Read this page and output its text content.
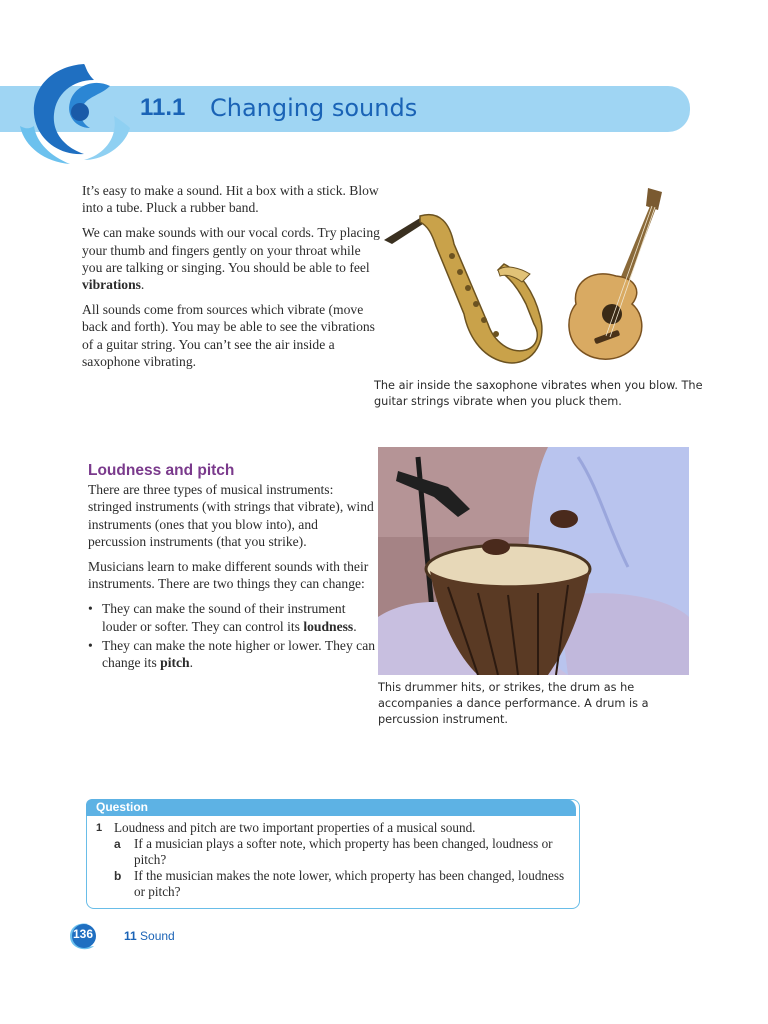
11.1 Changing sounds

It’s easy to make a sound. Hit a box with a stick. Blow into a tube. Pluck a rubber band.

We can make sounds with our vocal cords. Try placing your thumb and fingers gently on your throat while you are talking or singing. You should be able to feel vibrations.

All sounds come from sources which vibrate (move back and forth). You may be able to see the vibrations of a guitar string. You can’t see the air inside a saxophone vibrating.

The air inside the saxophone vibrates when you blow. The guitar strings vibrate when you pluck them.
Loudness and pitch

There are three types of musical instruments: stringed instruments (with strings that vibrate), wind instruments (ones that you blow into), and percussion instruments (that you strike).

Musicians learn to make different sounds with their instruments. There are two things they can change:

• They can make the sound of their instrument louder or softer. They can control its loudness.
• They can make the note higher or lower. They can change its pitch.
This drummer hits, or strikes, the drum as he accompanies a dance performance. A drum is a percussion instrument.
Question
1 Loudness and pitch are two important properties of a musical sound.
a If a musician plays a softer note, which property has been changed, loudness or pitch?
b If the musician makes the note lower, which property has been changed, loudness or pitch?
136	11 Sound
